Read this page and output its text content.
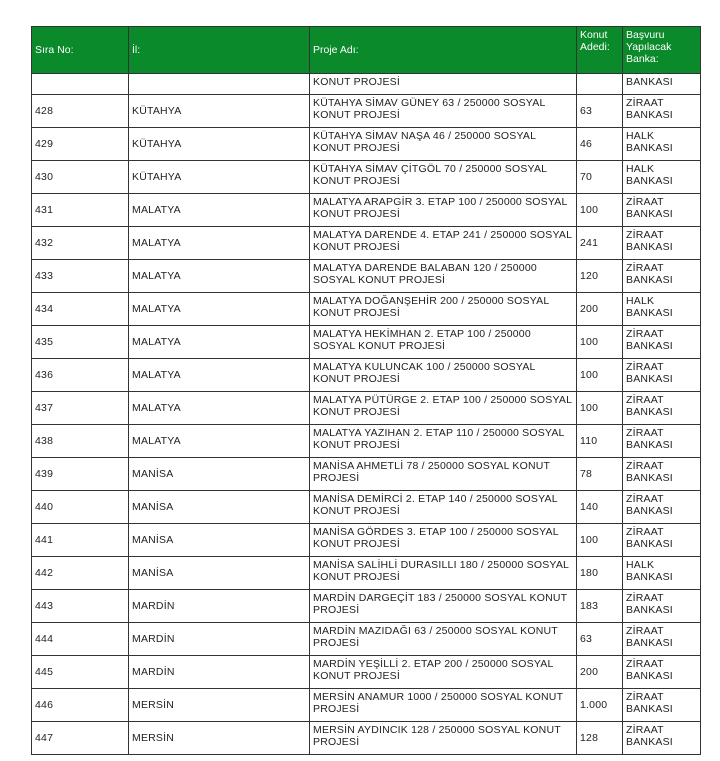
Sıra No:	İl:	Proje Adı:	Konut Adedi:	Başvuru Yapılacak Banka:
		KONUT PROJESİ		BANKASI
428	KÜTAHYA	KÜTAHYA SİMAV GÜNEY 63 / 250000 SOSYAL KONUT PROJESİ	63	ZİRAAT BANKASI
429	KÜTAHYA	KÜTAHYA SİMAV NAŞA 46 / 250000 SOSYAL KONUT PROJESİ	46	HALK BANKASI
430	KÜTAHYA	KÜTAHYA SİMAV ÇİTGÖL 70 / 250000 SOSYAL KONUT PROJESİ	70	HALK BANKASI
431	MALATYA	MALATYA ARAPGİR 3. ETAP 100 / 250000 SOSYAL KONUT PROJESİ	100	ZİRAAT BANKASI
432	MALATYA	MALATYA DARENDE 4. ETAP 241 / 250000 SOSYAL KONUT PROJESİ	241	ZİRAAT BANKASI
433	MALATYA	MALATYA DARENDE BALABAN 120 / 250000 SOSYAL KONUT PROJESİ	120	ZİRAAT BANKASI
434	MALATYA	MALATYA DOĞANŞEHİR 200 / 250000 SOSYAL KONUT PROJESİ	200	HALK BANKASI
435	MALATYA	MALATYA HEKİMHAN 2. ETAP 100 / 250000 SOSYAL KONUT PROJESİ	100	ZİRAAT BANKASI
436	MALATYA	MALATYA KULUNCAK 100 / 250000 SOSYAL KONUT PROJESİ	100	ZİRAAT BANKASI
437	MALATYA	MALATYA PÜTÜRGE 2. ETAP 100 / 250000 SOSYAL KONUT PROJESİ	100	ZİRAAT BANKASI
438	MALATYA	MALATYA YAZIHAN 2. ETAP 110 / 250000 SOSYAL KONUT PROJESİ	110	ZİRAAT BANKASI
439	MANİSA	MANİSA AHMETLİ 78 / 250000 SOSYAL KONUT PROJESİ	78	ZİRAAT BANKASI
440	MANİSA	MANİSA DEMİRCİ 2. ETAP 140 / 250000 SOSYAL KONUT PROJESİ	140	ZİRAAT BANKASI
441	MANİSA	MANİSA GÖRDES 3. ETAP 100 / 250000 SOSYAL KONUT PROJESİ	100	ZİRAAT BANKASI
442	MANİSA	MANİSA SALİHLİ DURASILLI 180 / 250000 SOSYAL KONUT PROJESİ	180	HALK BANKASI
443	MARDİN	MARDİN DARGEÇİT 183 / 250000 SOSYAL KONUT PROJESİ	183	ZİRAAT BANKASI
444	MARDİN	MARDİN MAZIDAĞI 63 / 250000 SOSYAL KONUT PROJESİ	63	ZİRAAT BANKASI
445	MARDİN	MARDİN YEŞİLLİ 2. ETAP 200 / 250000 SOSYAL KONUT PROJESİ	200	ZİRAAT BANKASI
446	MERSİN	MERSİN ANAMUR 1000 / 250000 SOSYAL KONUT PROJESİ	1.000	ZİRAAT BANKASI
447	MERSİN	MERSİN AYDINCIK 128 / 250000 SOSYAL KONUT PROJESİ	128	ZİRAAT BANKASI
